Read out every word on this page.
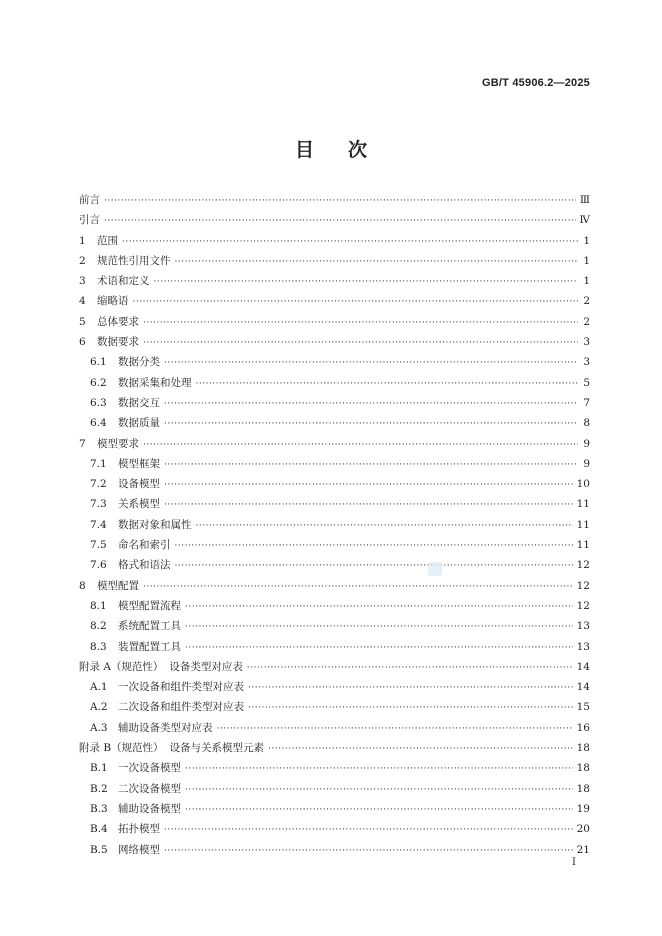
GB/T 45906.2—2025
目 次
前言 ·····	Ⅲ
引言 ·····	Ⅳ
1	范围 ·····	1
2	规范性引用文件 ·····	1
3	术语和定义 ·····	1
4	缩略语 ·····	2
5	总体要求 ·····	2
6	数据要求 ·····	3
6.1	数据分类 ·····	3
6.2	数据采集和处理 ·····	5
6.3	数据交互 ·····	7
6.4	数据质量 ·····	8
7	模型要求 ·····	9
7.1	模型框架 ·····	9
7.2	设备模型 ·····	10
7.3	关系模型 ·····	11
7.4	数据对象和属性 ·····	11
7.5	命名和索引 ·····	11
7.6	格式和语法 ·····	12
8	模型配置 ·····	12
8.1	模型配置流程 ·····	12
8.2	系统配置工具 ·····	13
8.3	装置配置工具 ·····	13
附录 A（规范性） 设备类型对应表 ·····	14
A.1 一次设备和组件类型对应表 ·····	14
A.2 二次设备和组件类型对应表 ·····	15
A.3 辅助设备类型对应表 ·····	16
附录 B（规范性） 设备与关系模型元素 ·····	18
B.1 一次设备模型 ·····	18
B.2 二次设备模型 ·····	18
B.3 辅助设备模型 ·····	19
B.4 拓扑模型 ·····	20
B.5 网络模型 ·····	21
I
